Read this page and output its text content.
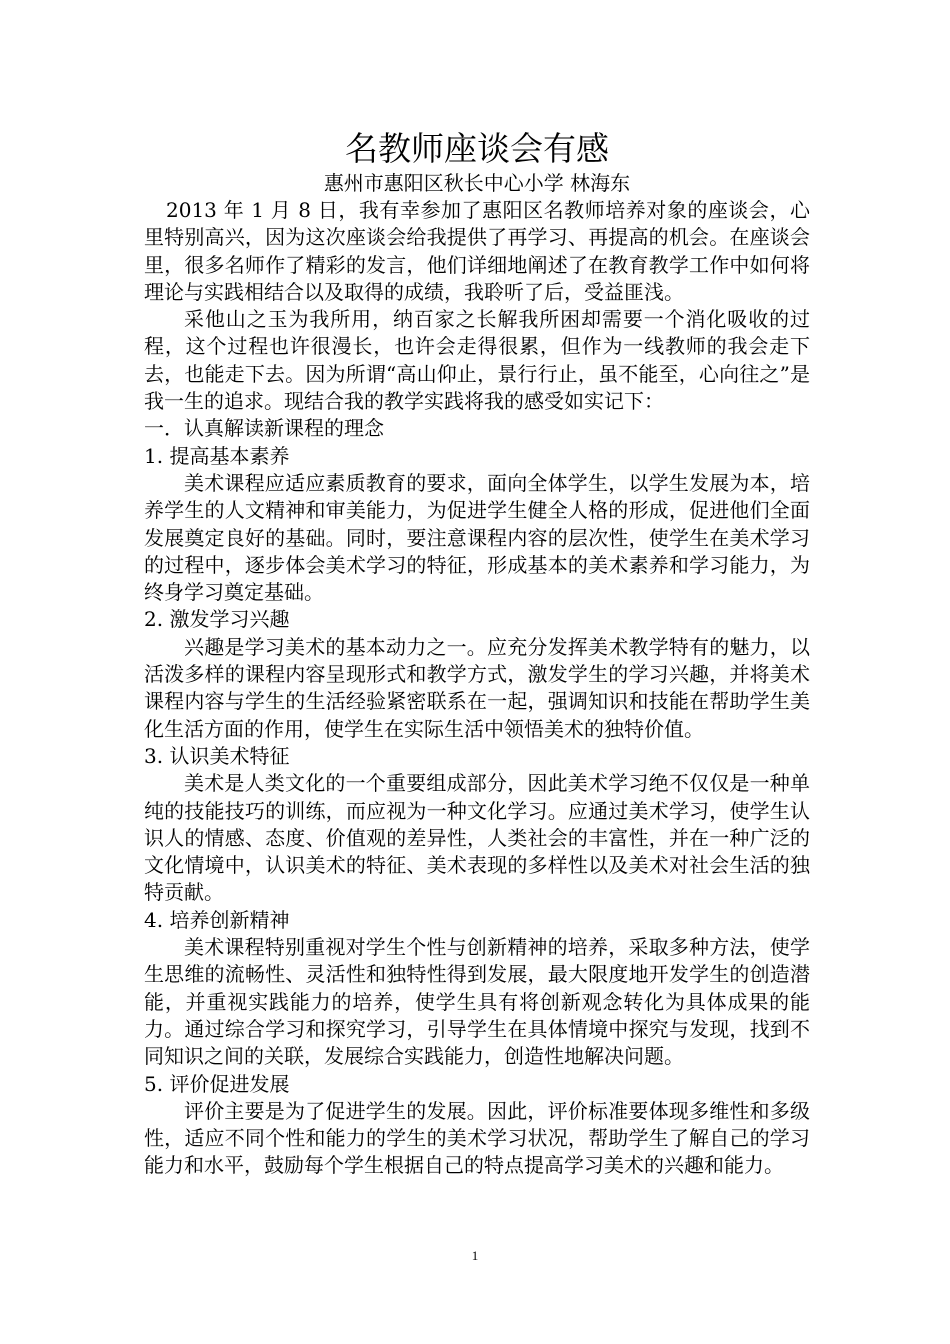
名教师座谈会有感

惠州市惠阳区秋长中心小学 林海东

2013 年 1 月 8 日，我有幸参加了惠阳区名教师培养对象的座谈会，心里特别高兴，因为这次座谈会给我提供了再学习、再提高的机会。在座谈会里，很多名师作了精彩的发言，他们详细地阐述了在教育教学工作中如何将理论与实践相结合以及取得的成绩，我聆听了后，受益匪浅。

采他山之玉为我所用，纳百家之长解我所困却需要一个消化吸收的过程，这个过程也许很漫长，也许会走得很累，但作为一线教师的我会走下去，也能走下去。因为所谓“高山仰止，景行行止，虽不能至，心向往之”是我一生的追求。现结合我的教学实践将我的感受如实记下：

一．认真解读新课程的理念

1. 提高基本素养

美术课程应适应素质教育的要求，面向全体学生，以学生发展为本，培养学生的人文精神和审美能力，为促进学生健全人格的形成，促进他们全面发展奠定良好的基础。同时，要注意课程内容的层次性，使学生在美术学习的过程中，逐步体会美术学习的特征，形成基本的美术素养和学习能力，为终身学习奠定基础。

2. 激发学习兴趣

兴趣是学习美术的基本动力之一。应充分发挥美术教学特有的魅力，以活泼多样的课程内容呈现形式和教学方式，激发学生的学习兴趣，并将美术课程内容与学生的生活经验紧密联系在一起，强调知识和技能在帮助学生美化生活方面的作用，使学生在实际生活中领悟美术的独特价值。

3. 认识美术特征

美术是人类文化的一个重要组成部分，因此美术学习绝不仅仅是一种单纯的技能技巧的训练，而应视为一种文化学习。应通过美术学习，使学生认识人的情感、态度、价值观的差异性，人类社会的丰富性，并在一种广泛的文化情境中，认识美术的特征、美术表现的多样性以及美术对社会生活的独特贡献。

4. 培养创新精神

美术课程特别重视对学生个性与创新精神的培养，采取多种方法，使学生思维的流畅性、灵活性和独特性得到发展，最大限度地开发学生的创造潜能，并重视实践能力的培养，使学生具有将创新观念转化为具体成果的能力。通过综合学习和探究学习，引导学生在具体情境中探究与发现，找到不同知识之间的关联，发展综合实践能力，创造性地解决问题。

5. 评价促进发展

评价主要是为了促进学生的发展。因此，评价标准要体现多维性和多级性，适应不同个性和能力的学生的美术学习状况，帮助学生了解自己的学习能力和水平，鼓励每个学生根据自己的特点提高学习美术的兴趣和能力。

1
